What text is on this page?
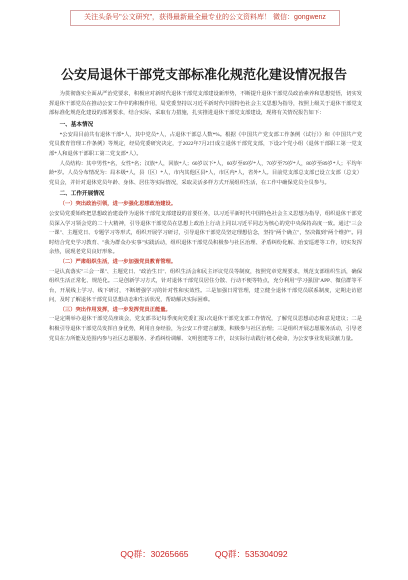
关注头条号"公文研究"，获得最新最全最专业的公文资料库！ 微信：gongwenz
公安局退休干部党支部标准化规范化建设情况报告

为贯彻落实全面从严治党要求，积极应对新时代退休干部党支部建设新形势，不断提升退休干部党员政治素养和思想觉悟，切实发挥退休干部党员在推动公安工作中的积极作用，局党委坚持以习近平新时代中国特色社会主义思想为指导，按照上级关于退休干部党支部标准化规范化建设的部署要求，结合实际，采取有力措施，扎实推进退休干部党支部建设，现将有关情况报告如下：

一、基本情况

*公安局目前共有退休干部*人，其中党员*人，占退休干部总人数*%。根据《中国共产党支部工作条例（试行）》和《中国共产党党员教育管理工作条例》等规定，经局党委研究决定，于2022年7月2日成立退休干部党支部，下设2个党小组（退休干部职工第一党支部*人和退休干部职工第二党支部*人）。

人员结构：其中男性*名，女性*名；汉族*人，回族*人；60岁以下*人，60岁至69岁*人，70岁至79岁*人，80岁至89岁*人；平均年龄*岁。人员分布情况为：局本级*人，县（区）*人，市内其他区县*人，市区内*人，省外*人。目前党支部总支部已设立支部（总支）党员会，并针对退休党员年龄、身体、居住等实际情况，采取灵活多样方式开展组织生活，在工作中确保党员全员参与。

二、工作开展情况

（一）突出政治引领，进一步强化思想政治建设。

公安局党委始终把思想政治建设作为退休干部党支部建设的首要任务，以习近平新时代中国特色社会主义思想为指导，组织退休干部党员深入学习领会党的二十大精神，引导退休干部党员在思想上政治上行动上同以习近平同志为核心的党中央保持高度一致。通过"三会一课"、主题党日、专题学习等形式，组织开展学习研讨，引导退休干部党员坚定理想信念，坚持"两个确立"，坚决做到"两个维护"。同时结合党史学习教育、"我为群众办实事"实践活动，组织退休干部党员积极参与社区治理、矛盾纠纷化解、治安巡逻等工作，切实发挥余热，展现老党员良好形象。

（二）严肃组织生活，进一步加强党员教育管理。

一是认真落实"三会一课"、主题党日、"政治生日"、组织生活会和民主评议党员等制度，按照党章党规要求，规范支部组织生活，确保组织生活正常化、规范化。二是创新学习方式，针对退休干部党员居住分散、行动不便等特点，充分利用"学习强国"APP、微信群等平台，开展线上学习、线下研讨，不断增强学习的针对性和实效性。三是加强日常管理，建立健全退休干部党员联系制度，定期走访慰问，及时了解退休干部党员思想动态和生活状况，帮助解决实际困难。

（三）突出作用发挥，进一步发挥党员正能量。

一是定期举办退休干部党员座谈会，党支部书记每季度向党委汇报1次退休干部党支部工作情况，了解党员思想动态和意见建议；二是积极引导退休干部党员发挥自身优势，利用自身经验，为公安工作建言献策，积极参与社区治理；三是组织开展志愿服务活动，引导老党员在力所能及范围内参与社区志愿服务、矛盾纠纷调解、文明创建等工作，以实际行动践行初心使命，为公安事业发展贡献力量。

QQ群：30265665	QQ群：535304092
